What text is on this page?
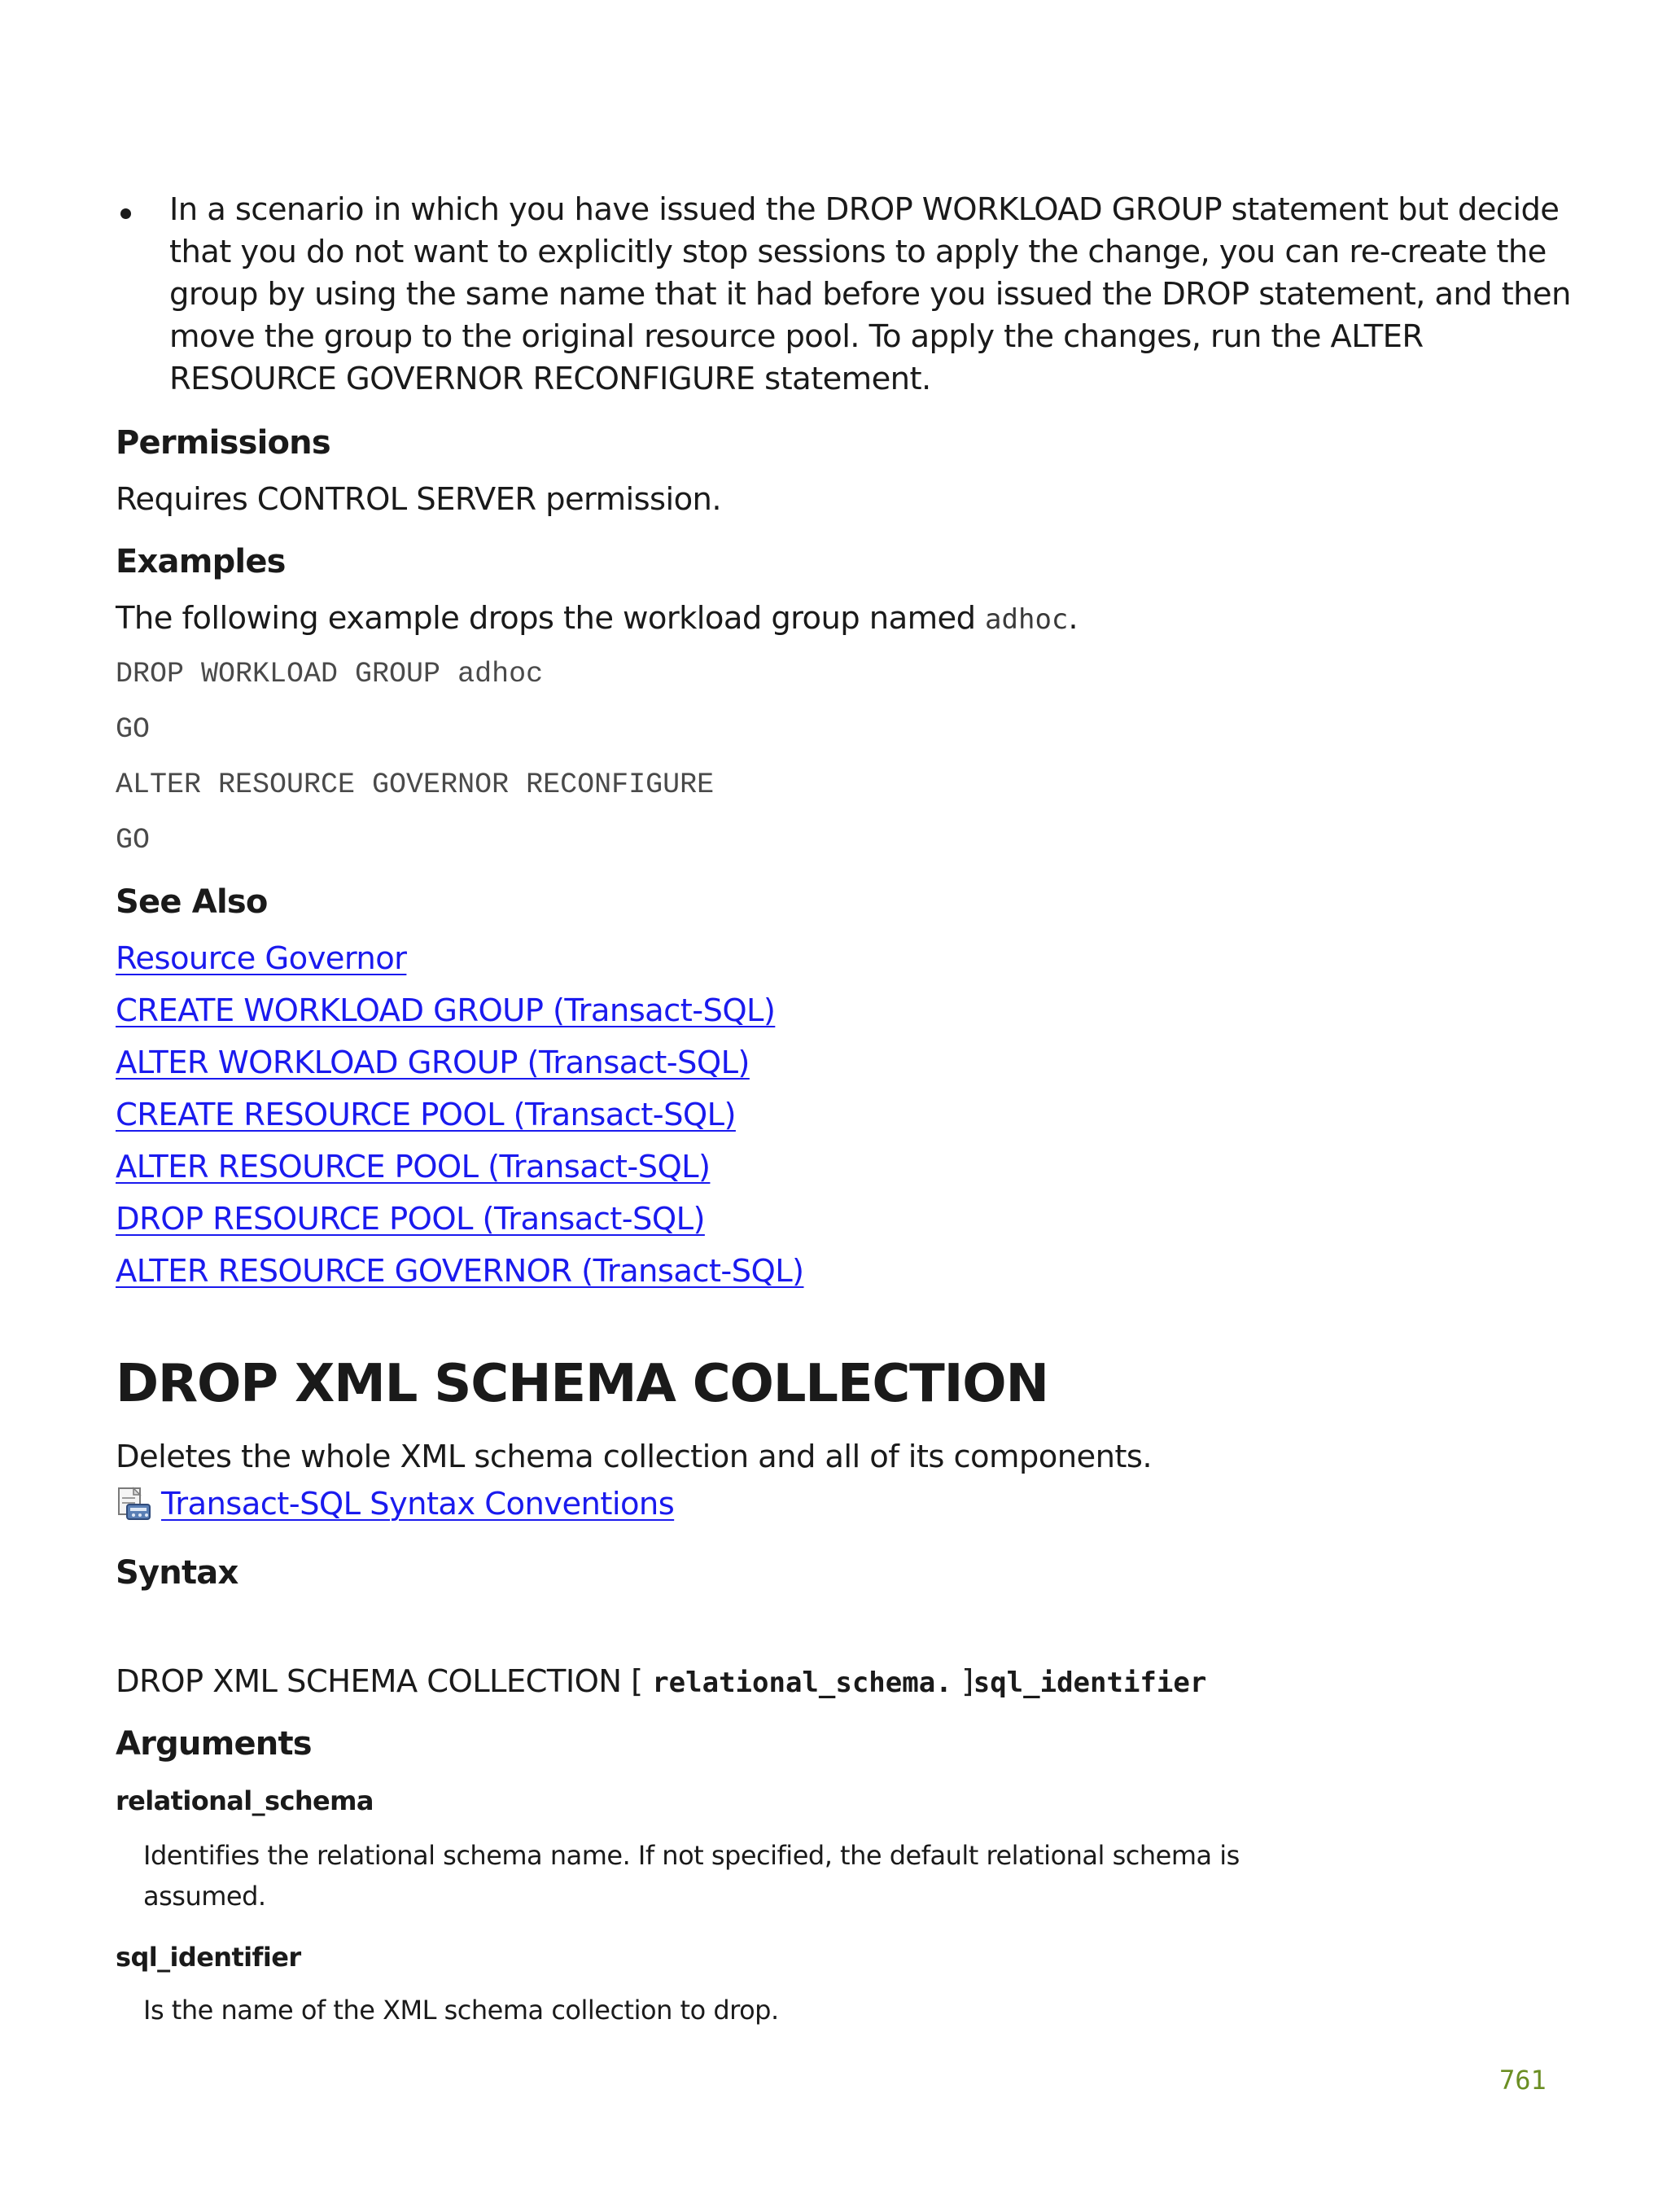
In a scenario in which you have issued the DROP WORKLOAD GROUP statement but decide
that you do not want to explicitly stop sessions to apply the change, you can re-create the
group by using the same name that it had before you issued the DROP statement, and then
move the group to the original resource pool. To apply the changes, run the ALTER
RESOURCE GOVERNOR RECONFIGURE statement.
Permissions
Requires CONTROL SERVER permission.
Examples
The following example drops the workload group named adhoc.
DROP WORKLOAD GROUP adhoc
GO
ALTER RESOURCE GOVERNOR RECONFIGURE
GO
See Also
Resource Governor
CREATE WORKLOAD GROUP (Transact-SQL)
ALTER WORKLOAD GROUP (Transact-SQL)
CREATE RESOURCE POOL (Transact-SQL)
ALTER RESOURCE POOL (Transact-SQL)
DROP RESOURCE POOL (Transact-SQL)
ALTER RESOURCE GOVERNOR (Transact-SQL)
DROP XML SCHEMA COLLECTION
Deletes the whole XML schema collection and all of its components.
Transact-SQL Syntax Conventions
Syntax
DROP XML SCHEMA COLLECTION [ relational_schema. ]sql_identifier
Arguments
relational_schema
Identifies the relational schema name. If not specified, the default relational schema is
assumed.
sql_identifier
Is the name of the XML schema collection to drop.
761
